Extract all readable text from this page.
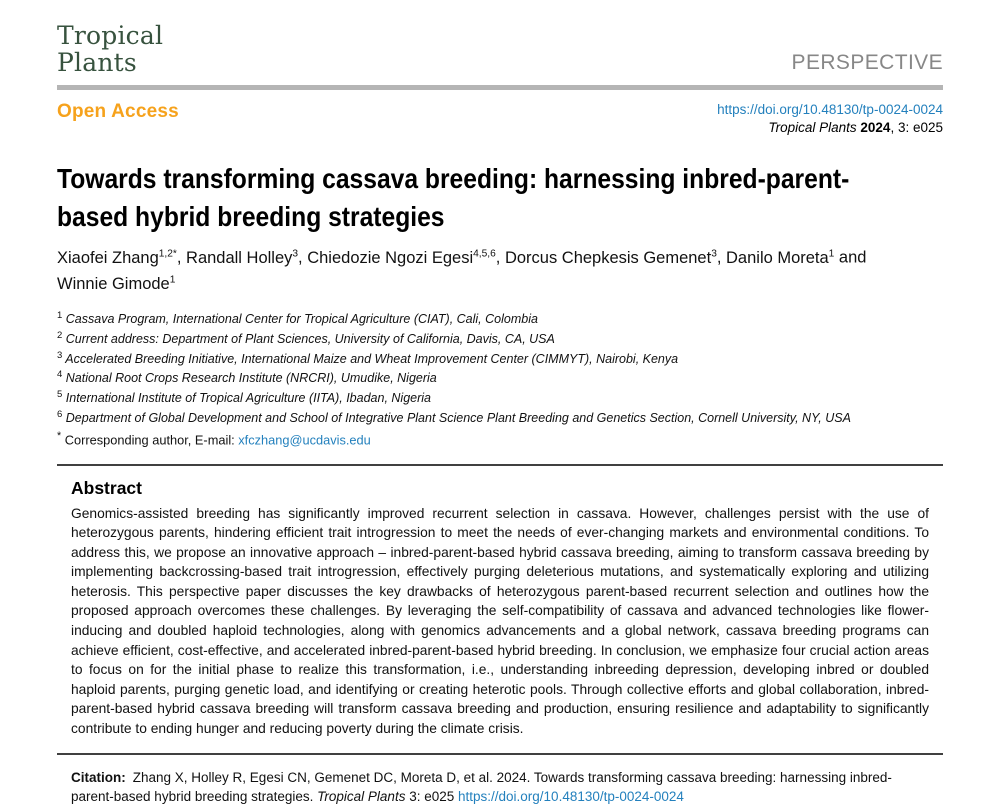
Tropical
Plants	PERSPECTIVE
Open Access	https://doi.org/10.48130/tp-0024-0024
Tropical Plants 2024, 3: e025
Towards transforming cassava breeding: harnessing inbred-parent-
based hybrid breeding strategies
Xiaofei Zhang$^{1,2*}$, Randall Holley$^3$, Chiedozie Ngozi Egesi$^{4,5,6}$, Dorcus Chepkesis Gemenet$^3$, Danilo Moreta$^1$ and Winnie Gimode$^1$
$^1$ Cassava Program, International Center for Tropical Agriculture (CIAT), Cali, Colombia
$^2$ Current address: Department of Plant Sciences, University of California, Davis, CA, USA
$^3$ Accelerated Breeding Initiative, International Maize and Wheat Improvement Center (CIMMYT), Nairobi, Kenya
$^4$ National Root Crops Research Institute (NRCRI), Umudike, Nigeria
$^5$ International Institute of Tropical Agriculture (IITA), Ibadan, Nigeria
$^6$ Department of Global Development and School of Integrative Plant Science Plant Breeding and Genetics Section, Cornell University, NY, USA
* Corresponding author, E-mail: xfczhang@ucdavis.edu
Abstract
Genomics-assisted breeding has significantly improved recurrent selection in cassava. However, challenges persist with the use of heterozygous parents, hindering efficient trait introgression to meet the needs of ever-changing markets and environmental conditions. To address this, we propose an innovative approach – inbred-parent-based hybrid cassava breeding, aiming to transform cassava breeding by implementing backcrossing-based trait introgression, effectively purging deleterious mutations, and systematically exploring and utilizing heterosis. This perspective paper discusses the key drawbacks of heterozygous parent-based recurrent selection and outlines how the proposed approach overcomes these challenges. By leveraging the self-compatibility of cassava and advanced technologies like flower-inducing and doubled haploid technologies, along with genomics advancements and a global network, cassava breeding programs can achieve efficient, cost-effective, and accelerated inbred-parent-based hybrid breeding. In conclusion, we emphasize four crucial action areas to focus on for the initial phase to realize this transformation, i.e., understanding inbreeding depression, developing inbred or doubled haploid parents, purging genetic load, and identifying or creating heterotic pools. Through collective efforts and global collaboration, inbred-parent-based hybrid cassava breeding will transform cassava breeding and production, ensuring resilience and adaptability to significantly contribute to ending hunger and reducing poverty during the climate crisis.
Citation: Zhang X, Holley R, Egesi CN, Gemenet DC, Moreta D, et al. 2024. Towards transforming cassava breeding: harnessing inbred-parent-based hybrid breeding strategies. Tropical Plants 3: e025 https://doi.org/10.48130/tp-0024-0024
